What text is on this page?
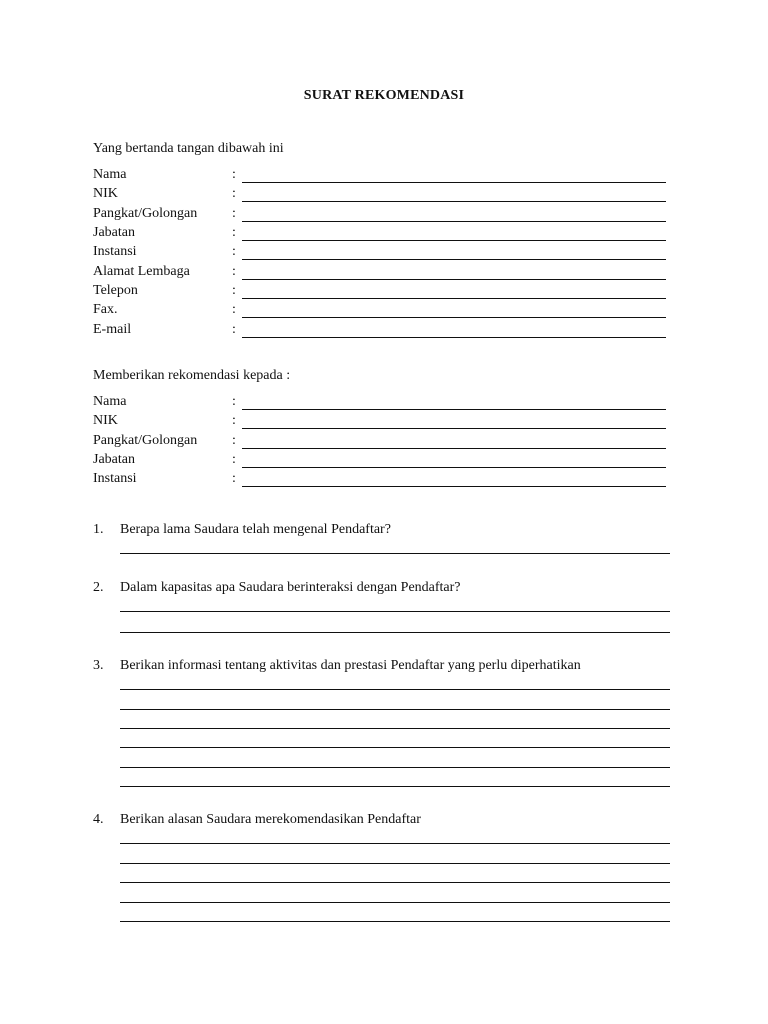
SURAT REKOMENDASI
Yang bertanda tangan dibawah ini
Nama	:
NIK	:
Pangkat/Golongan :
Jabatan	:
Instansi	:
Alamat Lembaga	:
Telepon	:
Fax.	:
E-mail	:
Memberikan rekomendasi kepada :
Nama	:
NIK	:
Pangkat/Golongan :
Jabatan	:
Instansi	:
1. Berapa lama Saudara telah mengenal Pendaftar?
2. Dalam kapasitas apa Saudara berinteraksi dengan Pendaftar?
3. Berikan informasi tentang aktivitas dan prestasi Pendaftar yang perlu diperhatikan
4. Berikan alasan Saudara merekomendasikan Pendaftar
